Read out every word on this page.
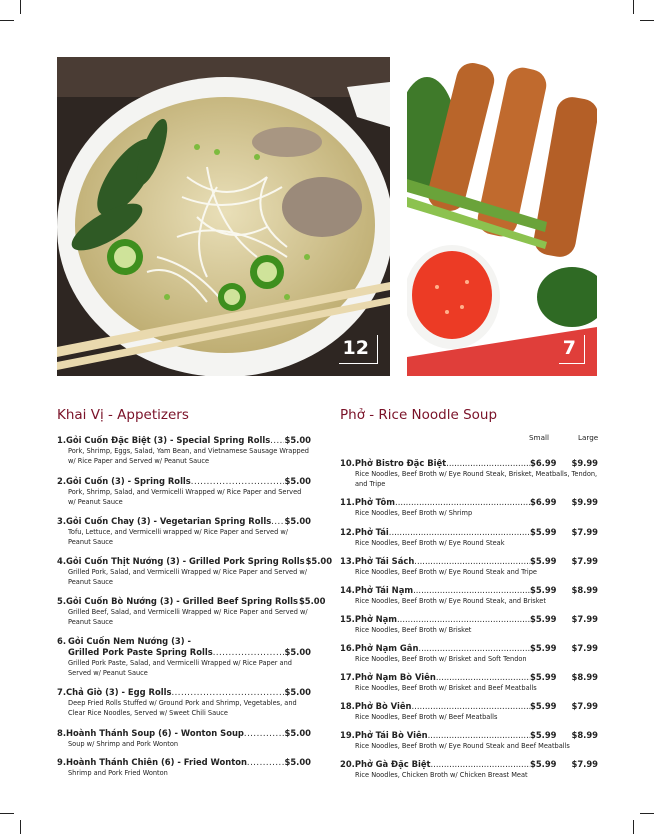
12	7
Khai Vị - Appetizers
1. Gỏi Cuốn Đặc Biệt (3) - Special Spring Rolls ..... $5.00
Pork, Shrimp, Eggs, Salad, Yam Bean, and Vietnamese Sausage Wrapped w/ Rice Paper and Served w/ Peanut Sauce
2. Gỏi Cuốn (3) - Spring Rolls .....	$5.00
Pork, Shrimp, Salad, and Vermicelli Wrapped w/ Rice Paper and Served w/ Peanut Sauce
3. Gỏi Cuốn Chay (3) - Vegetarian Spring Rolls ..... $5.00
Tofu, Lettuce, and Vermicelli wrapped w/ Rice Paper and Served w/ Peanut Sauce
4. Gỏi Cuốn Thịt Nướng (3) - Grilled Pork Spring Rolls $5.00
Grilled Pork, Salad, and Vermicelli Wrapped w/ Rice Paper and Served w/ Peanut Sauce
5. Gỏi Cuốn Bò Nướng (3) - Grilled Beef Spring Rolls $5.00
Grilled Beef, Salad, and Vermicelli Wrapped w/ Rice Paper and Served w/ Peanut Sauce
6. Gỏi Cuốn Nem Nướng (3) -
Grilled Pork Paste Spring Rolls .....	$5.00
Grilled Pork Paste, Salad, and Vermicelli Wrapped w/ Rice Paper and Served w/ Peanut Sauce
7. Chả Giò (3) - Egg Rolls .....	$5.00
Deep Fried Rolls Stuffed w/ Ground Pork and Shrimp, Vegetables, and Clear Rice Noodles, Served w/ Sweet Chili Sauce
8. Hoành Thánh Soup (6) - Wonton Soup .....	$5.00
Soup w/ Shrimp and Pork Wonton
9. Hoành Thánh Chiên (6) - Fried Wonton .....	$5.00
Shrimp and Pork Fried Wonton
Phở - Rice Noodle Soup
Small	Large
10. Phở Bistro Đặc Biệt .....	$6.99	$9.99
Rice Noodles, Beef Broth w/ Eye Round Steak, Brisket, Meatballs, Tendon, and Tripe
11. Phở Tôm .....	$6.99	$9.99
Rice Noodles, Beef Broth w/ Shrimp
12. Phở Tái .....	$5.99	$7.99
Rice Noodles, Beef Broth w/ Eye Round Steak
13. Phở Tái Sách .....	$5.99	$7.99
Rice Noodles, Beef Broth w/ Eye Round Steak and Tripe
14. Phở Tái Nạm .....	$5.99	$8.99
Rice Noodles, Beef Broth w/ Eye Round Steak, and Brisket
15. Phở Nạm .....	$5.99	$7.99
Rice Noodles, Beef Broth w/ Brisket
16. Phở Nạm Gân .....	$5.99	$7.99
Rice Noodles, Beef Broth w/ Brisket and Soft Tendon
17. Phở Nạm Bò Viên .....	$5.99	$8.99
Rice Noodles, Beef Broth w/ Brisket and Beef Meatballs
18. Phở Bò Viên .....	$5.99	$7.99
Rice Noodles, Beef Broth w/ Beef Meatballs
19. Phở Tái Bò Viên .....	$5.99	$8.99
Rice Noodles, Beef Broth w/ Eye Round Steak and Beef Meatballs
20. Phở Gà Đặc Biệt .....	$5.99	$7.99
Rice Noodles, Chicken Broth w/ Chicken Breast Meat
